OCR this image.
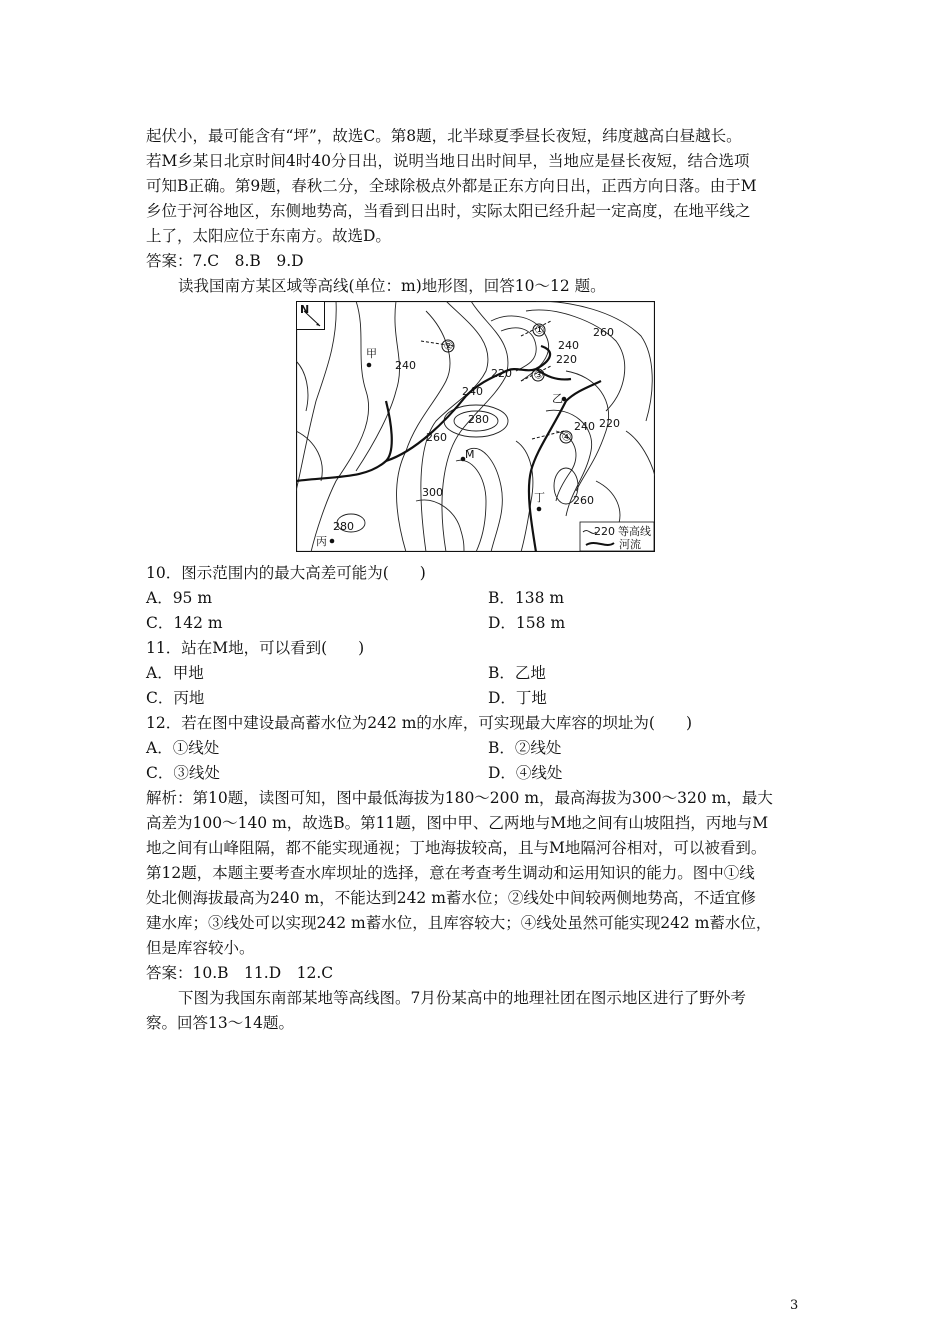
起伏小，最可能含有“坪”，故选C。第8题，北半球夏季昼长夜短，纬度越高白昼越长。
若M乡某日北京时间4时40分日出，说明当地日出时间早，当地应是昼长夜短，结合选项
可知B正确。第9题，春秋二分，全球除极点外都是正东方向日出，正西方向日落。由于M
乡位于河谷地区，东侧地势高，当看到日出时，实际太阳已经升起一定高度，在地平线之
上了，太阳应位于东南方。故选D。
答案：7.C　8.B　9.D
读我国南方某区域等高线(单位：m)地形图，回答10～12 题。
N
①
②
③
④
甲
乙
M
丁
丙
260
240
220
240
220
240
280
240 220
260
300
260
280	220 等高线
河流
10．图示范围内的最大高差可能为(　　)
A．95 m	B．138 m
C．142 m	D．158 m
11．站在M地，可以看到(　　)
A．甲地	B．乙地
C．丙地	D．丁地
12．若在图中建设最高蓄水位为242 m的水库，可实现最大库容的坝址为(　　)
A．①线处	B．②线处
C．③线处	D．④线处
解析：第10题，读图可知，图中最低海拔为180～200 m，最高海拔为300～320 m，最大
高差为100～140 m，故选B。第11题，图中甲、乙两地与M地之间有山坡阻挡，丙地与M
地之间有山峰阻隔，都不能实现通视；丁地海拔较高，且与M地隔河谷相对，可以被看到。
第12题，本题主要考查水库坝址的选择，意在考查考生调动和运用知识的能力。图中①线
处北侧海拔最高为240 m，不能达到242 m蓄水位；②线处中间较两侧地势高，不适宜修
建水库；③线处可以实现242 m蓄水位，且库容较大；④线处虽然可能实现242 m蓄水位，
但是库容较小。
答案：10.B　11.D　12.C
下图为我国东南部某地等高线图。7月份某高中的地理社团在图示地区进行了野外考
察。回答13～14题。
3
